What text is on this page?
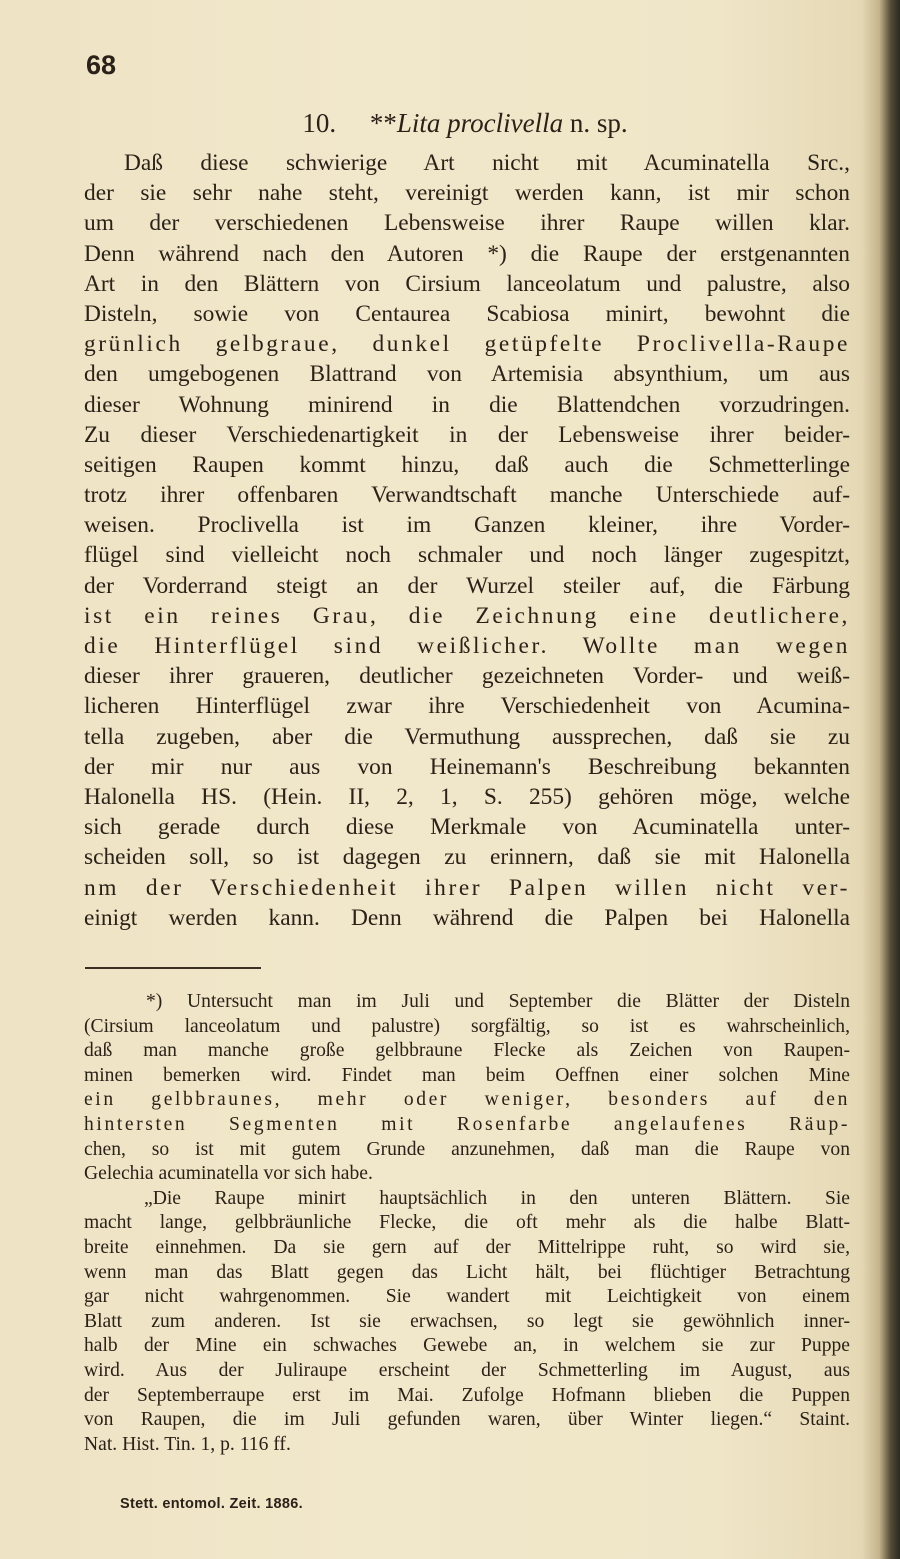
68
10. **Lita proclivella n. sp.
Daß diese schwierige Art nicht mit Acuminatella Src.,
der sie sehr nahe steht, vereinigt werden kann, ist mir schon
um der verschiedenen Lebensweise ihrer Raupe willen klar.
Denn während nach den Autoren *) die Raupe der erstgenannten
Art in den Blättern von Cirsium lanceolatum und palustre, also
Disteln, sowie von Centaurea Scabiosa minirt, bewohnt die
grünlich gelbgraue, dunkel getüpfelte Proclivella-Raupe
den umgebogenen Blattrand von Artemisia absynthium, um aus
dieser Wohnung minirend in die Blattendchen vorzudringen.
Zu dieser Verschiedenartigkeit in der Lebensweise ihrer beider-
seitigen Raupen kommt hinzu, daß auch die Schmetterlinge
trotz ihrer offenbaren Verwandtschaft manche Unterschiede auf-
weisen. Proclivella ist im Ganzen kleiner, ihre Vorder-
flügel sind vielleicht noch schmaler und noch länger zugespitzt,
der Vorderrand steigt an der Wurzel steiler auf, die Färbung
ist ein reines Grau, die Zeichnung eine deutlichere,
die Hinterflügel sind weißlicher. Wollte man wegen
dieser ihrer graueren, deutlicher gezeichneten Vorder- und weiß-
licheren Hinterflügel zwar ihre Verschiedenheit von Acumina-
tella zugeben, aber die Vermuthung aussprechen, daß sie zu
der mir nur aus von Heinemann's Beschreibung bekannten
Halonella HS. (Hein. II, 2, 1, S. 255) gehören möge, welche
sich gerade durch diese Merkmale von Acuminatella unter-
scheiden soll, so ist dagegen zu erinnern, daß sie mit Halonella
nm der Verschiedenheit ihrer Palpen willen nicht ver-
einigt werden kann. Denn während die Palpen bei Halonella
*) Untersucht man im Juli und September die Blätter der Disteln
(Cirsium lanceolatum und palustre) sorgfältig, so ist es wahrscheinlich,
daß man manche große gelbbraune Flecke als Zeichen von Raupen-
minen bemerken wird. Findet man beim Oeffnen einer solchen Mine
ein gelbbraunes, mehr oder weniger, besonders auf den
hintersten Segmenten mit Rosenfarbe angelaufenes Räup-
chen, so ist mit gutem Grunde anzunehmen, daß man die Raupe von
Gelechia acuminatella vor sich habe.
„Die Raupe minirt hauptsächlich in den unteren Blättern. Sie
macht lange, gelbbräunliche Flecke, die oft mehr als die halbe Blatt-
breite einnehmen. Da sie gern auf der Mittelrippe ruht, so wird sie,
wenn man das Blatt gegen das Licht hält, bei flüchtiger Betrachtung
gar nicht wahrgenommen. Sie wandert mit Leichtigkeit von einem
Blatt zum anderen. Ist sie erwachsen, so legt sie gewöhnlich inner-
halb der Mine ein schwaches Gewebe an, in welchem sie zur Puppe
wird. Aus der Juliraupe erscheint der Schmetterling im August, aus
der Septemberraupe erst im Mai. Zufolge Hofmann blieben die Puppen
von Raupen, die im Juli gefunden waren, über Winter liegen.“ Staint.
Nat. Hist. Tin. 1, p. 116 ff.
Stett. entomol. Zeit. 1886.
